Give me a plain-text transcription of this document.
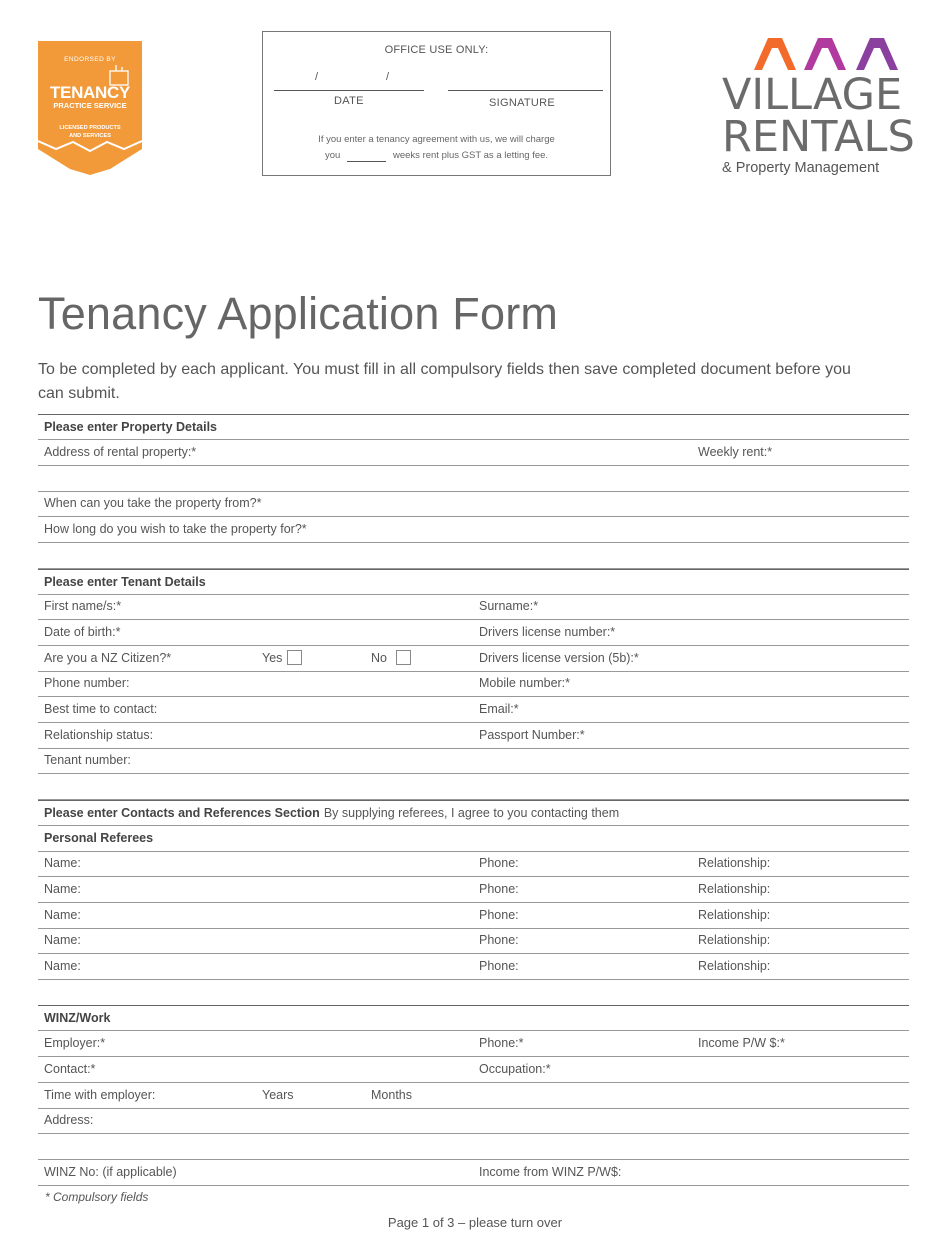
ENDORSED BY
TENANCY
PRACTICE SERVICE
LICENSED PRODUCTS
AND SERVICES
OFFICE USE ONLY:
/	/
DATE	SIGNATURE
If you enter a tenancy agreement with us, we will charge
you	weeks rent plus GST as a letting fee.
VILLAGE
RENTALS
& Property Management
Tenancy Application Form

To be completed by each applicant. You must fill in all compulsory fields then save completed document before you can submit.

Please enter Property Details
Address of rental property:*	Weekly rent:*
When can you take the property from?*
How long do you wish to take the property for?*
Please enter Tenant Details
First name/s:*	Surname:*
Date of birth:*	Drivers license number:*
Are you a NZ Citizen?*	Yes	No	Drivers license version (5b):*
Phone number:	Mobile number:*
Best time to contact:	Email:*
Relationship status:	Passport Number:*
Tenant number:
Please enter Contacts and References Section By supplying referees, I agree to you contacting them
Personal Referees
Name:	Phone:	Relationship:
Name:	Phone:	Relationship:
Name:	Phone:	Relationship:
Name:	Phone:	Relationship:
Name:	Phone:	Relationship:
WINZ/Work
Employer:*	Phone:*	Income P/W $:*
Contact:*	Occupation:*
Time with employer:	Years	Months
Address:
WINZ No: (if applicable)	Income from WINZ P/W$:
* Compulsory fields
Page 1 of 3 – please turn over
